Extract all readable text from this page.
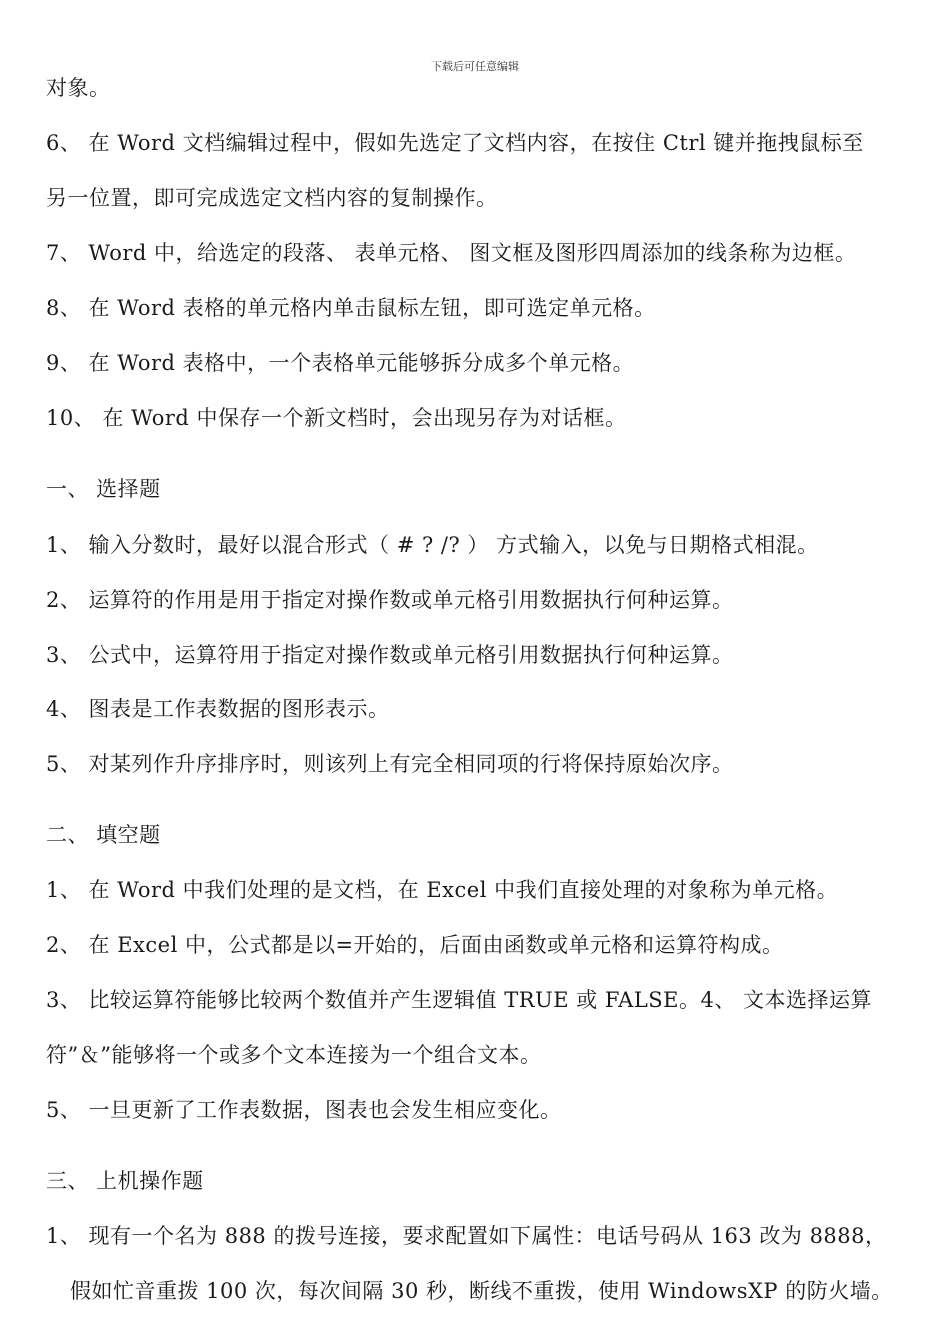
下载后可任意编辑
对象。
6、 在 Word 文档编辑过程中，假如先选定了文档内容，在按住 Ctrl 键并拖拽鼠标至
另一位置，即可完成选定文档内容的复制操作。
7、 Word 中，给选定的段落、 表单元格、 图文框及图形四周添加的线条称为边框。
8、 在 Word 表格的单元格内单击鼠标左钮，即可选定单元格。
9、 在 Word 表格中，一个表格单元能够拆分成多个单元格。
10、 在 Word 中保存一个新文档时，会出现另存为对话框。
一、 选择题
1、 输入分数时，最好以混合形式（ # ? /? ） 方式输入，以免与日期格式相混。
2、 运算符的作用是用于指定对操作数或单元格引用数据执行何种运算。
3、 公式中，运算符用于指定对操作数或单元格引用数据执行何种运算。
4、 图表是工作表数据的图形表示。
5、 对某列作升序排序时，则该列上有完全相同项的行将保持原始次序。
二、 填空题
1、 在 Word 中我们处理的是文档，在 Excel 中我们直接处理的对象称为单元格。
2、 在 Excel 中，公式都是以=开始的，后面由函数或单元格和运算符构成。
3、 比较运算符能够比较两个数值并产生逻辑值 TRUE 或 FALSE。4、 文本选择运算
符”＆”能够将一个或多个文本连接为一个组合文本。
5、 一旦更新了工作表数据，图表也会发生相应变化。
三、 上机操作题
1、 现有一个名为 888 的拨号连接，要求配置如下属性：电话号码从 163 改为 8888，
假如忙音重拨 100 次，每次间隔 30 秒，断线不重拨，使用 WindowsXP 的防火墙。
